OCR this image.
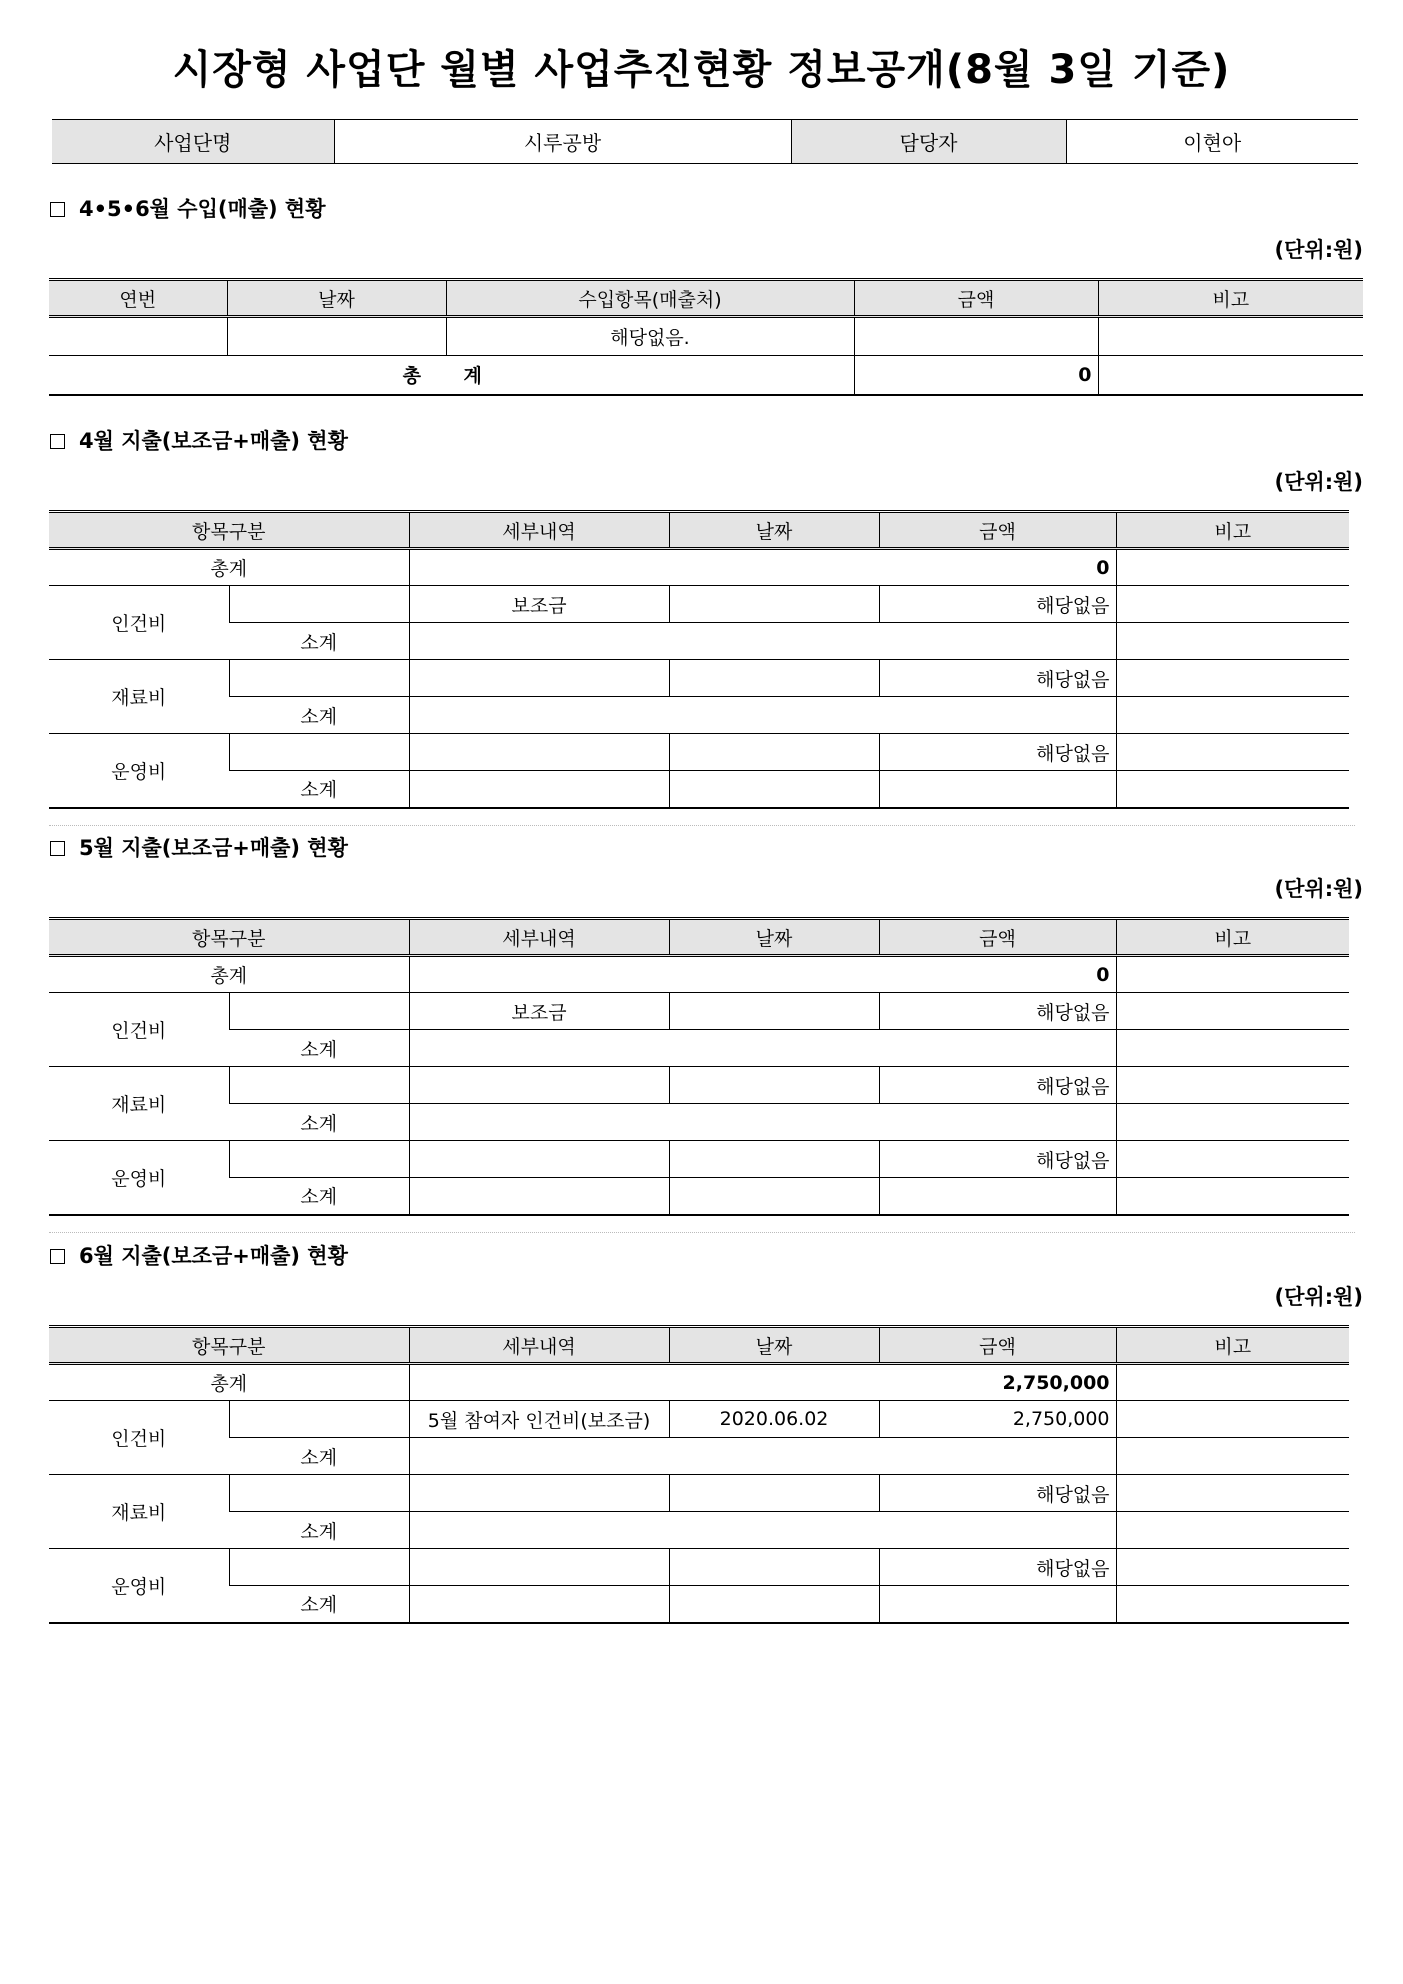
시장형 사업단 월별 사업추진현황 정보공개(8월 3일 기준)
사업단명	시루공방	담당자	이현아
4•5•6월 수입(매출) 현황
(단위:원)
연번	날짜	수입항목(매출처)	금액	비고
		해당없음.		
총 계			0	
4월 지출(보조금+매출) 현황
(단위:원)
항목구분		세부내역	날짜	금액	비고
총계		0			
인건비		보조금		해당없음	
	소계				
재료비				해당없음	
	소계				
운영비				해당없음	
	소계				
5월 지출(보조금+매출) 현황
(단위:원)
항목구분		세부내역	날짜	금액	비고
총계		0			
인건비		보조금		해당없음	
	소계				
재료비				해당없음	
	소계				
운영비				해당없음	
	소계				
6월 지출(보조금+매출) 현황
(단위:원)
항목구분		세부내역	날짜	금액	비고
총계		2,750,000			
인건비		5월 참여자 인건비(보조금)	2020.06.02	2,750,000	
	소계				
재료비				해당없음	
	소계				
운영비				해당없음	
	소계				
